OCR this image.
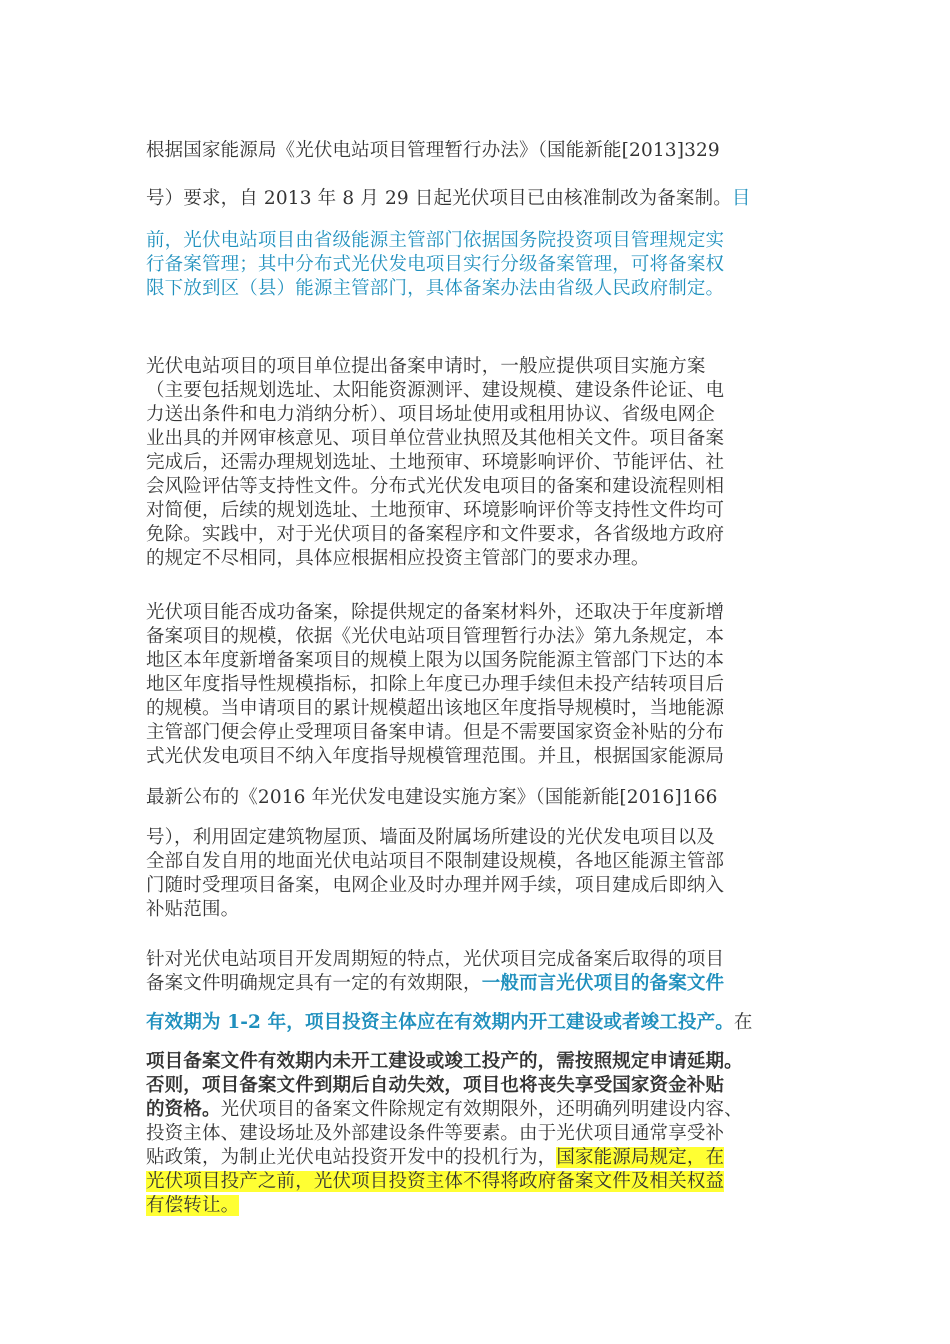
根据国家能源局《光伏电站项目管理暂行办法》（国能新能[2013]329
号）要求，自 2013 年 8 月 29 日起光伏项目已由核准制改为备案制。目
前，光伏电站项目由省级能源主管部门依据国务院投资项目管理规定实
行备案管理；其中分布式光伏发电项目实行分级备案管理，可将备案权
限下放到区（县）能源主管部门，具体备案办法由省级人民政府制定。
光伏电站项目的项目单位提出备案申请时，一般应提供项目实施方案
（主要包括规划选址、太阳能资源测评、建设规模、建设条件论证、电
力送出条件和电力消纳分析）、项目场址使用或租用协议、省级电网企
业出具的并网审核意见、项目单位营业执照及其他相关文件。项目备案
完成后，还需办理规划选址、土地预审、环境影响评价、节能评估、社
会风险评估等支持性文件。分布式光伏发电项目的备案和建设流程则相
对简便，后续的规划选址、土地预审、环境影响评价等支持性文件均可
免除。实践中，对于光伏项目的备案程序和文件要求，各省级地方政府
的规定不尽相同，具体应根据相应投资主管部门的要求办理。
光伏项目能否成功备案，除提供规定的备案材料外，还取决于年度新增
备案项目的规模，依据《光伏电站项目管理暂行办法》第九条规定，本
地区本年度新增备案项目的规模上限为以国务院能源主管部门下达的本
地区年度指导性规模指标，扣除上年度已办理手续但未投产结转项目后
的规模。当申请项目的累计规模超出该地区年度指导规模时，当地能源
主管部门便会停止受理项目备案申请。但是不需要国家资金补贴的分布
式光伏发电项目不纳入年度指导规模管理范围。并且，根据国家能源局
最新公布的《2016 年光伏发电建设实施方案》（国能新能[2016]166
号），利用固定建筑物屋顶、墙面及附属场所建设的光伏发电项目以及
全部自发自用的地面光伏电站项目不限制建设规模，各地区能源主管部
门随时受理项目备案，电网企业及时办理并网手续，项目建成后即纳入
补贴范围。
针对光伏电站项目开发周期短的特点，光伏项目完成备案后取得的项目
备案文件明确规定具有一定的有效期限，一般而言光伏项目的备案文件
有效期为 1-2 年，项目投资主体应在有效期内开工建设或者竣工投产。在
项目备案文件有效期内未开工建设或竣工投产的，需按照规定申请延期。
否则，项目备案文件到期后自动失效，项目也将丧失享受国家资金补贴
的资格。光伏项目的备案文件除规定有效期限外，还明确列明建设内容、
投资主体、建设场址及外部建设条件等要素。由于光伏项目通常享受补
贴政策，为制止光伏电站投资开发中的投机行为，国家能源局规定，在
光伏项目投产之前，光伏项目投资主体不得将政府备案文件及相关权益
有偿转让。
